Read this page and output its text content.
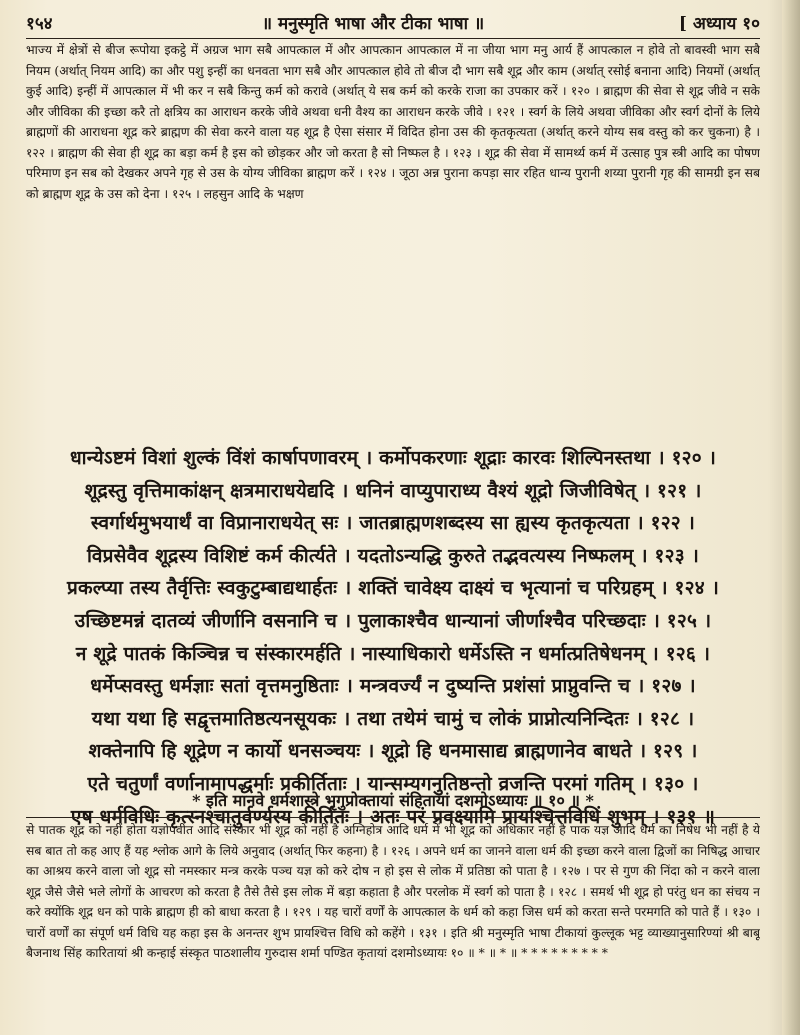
१५४	॥ मनुस्मृति भाषा और टीका भाषा ॥	[ अध्याय १०

भाज्य में क्षेत्रों से बीज रूपोया इकट्ठे में अग्रज भाग सबै आपत्काल में और आपत्कान आपत्काल में ना जीया भाग मनु आर्य हैं आपत्काल न होवे तो बावस्वी भाग सबै नियम (अर्थात् नियम आदि) का और पशु इन्हीं का धनवता भाग सबै और आपत्काल होवे तो बीज दौ भाग सबै शूद्र और काम (अर्थात् रसोई बनाना आदि) नियमों (अर्थात् कुई आदि) इन्हीं में आपत्काल में भी कर न सबै किन्तु कर्म को करावे (अर्थात् ये सब कर्म को करके राजा का उपकार करें । १२० । ब्राह्मण की सेवा से शूद्र जीवे न सके और जीविका की इच्छा करै तो क्षत्रिय का आराधन करके जीवे अथवा धनी वैश्य का आराधन करके जीवे । १२१ । स्वर्ग के लिये अथवा जीविका और स्वर्ग दोनों के लिये ब्राह्मणों की आराधना शूद्र करे ब्राह्मण की सेवा करने वाला यह शूद्र है ऐसा संसार में विदित होना उस की कृतकृत्यता (अर्थात् करने योग्य सब वस्तु को कर चुकना) है । १२२ । ब्राह्मण की सेवा ही शूद्र का बड़ा कर्म है इस को छोड़कर और जो करता है सो निष्फल है । १२३ । शूद्र की सेवा में सामर्थ्य कर्म में उत्साह पुत्र स्त्री आदि का पोषण परिमाण इन सब को देखकर अपने गृह से उस के योग्य जीविका ब्राह्मण करें । १२४ । जूठा अन्न पुराना कपड़ा सार रहित धान्य पुरानी शय्या पुरानी गृह की सामग्री इन सब को ब्राह्मण शूद्र के उस को देना । १२५ । लहसुन आदि के भक्षण

धान्येऽष्टमं विशां शुल्कं विंशं कार्षापणावरम् । कर्मोपकरणाः शूद्राः कारवः शिल्पिनस्तथा । १२० ।
शूद्रस्तु वृत्तिमाकांक्षन् क्षत्रमाराधयेद्यदि । धनिनं वाप्युपाराध्य वैश्यं शूद्रो जिजीविषेत् । १२१ ।
स्वर्गार्थमुभयार्थं वा विप्रानाराधयेत् सः । जातब्राह्मणशब्दस्य सा ह्यस्य कृतकृत्यता । १२२ ।
विप्रसेवैव शूद्रस्य विशिष्टं कर्म कीर्त्यते । यदतोऽन्यद्धि कुरुते तद्भवत्यस्य निष्फलम् । १२३ ।
प्रकल्प्या तस्य तैर्वृत्तिः स्वकुटुम्बाद्यथार्हतः । शक्तिं चावेक्ष्य दाक्ष्यं च भृत्यानां च परिग्रहम् । १२४ ।
उच्छिष्टमन्नं दातव्यं जीर्णानि वसनानि च । पुलाकाश्चैव धान्यानां जीर्णाश्चैव परिच्छदाः । १२५ ।
न शूद्रे पातकं किञ्चिन्न च संस्कारमर्हति । नास्याधिकारो धर्मेऽस्ति न धर्मात्प्रतिषेधनम् । १२६ ।
धर्मेप्सवस्तु धर्मज्ञाः सतां वृत्तमनुष्ठिताः । मन्त्रवर्ज्यं न दुष्यन्ति प्रशंसां प्राप्नुवन्ति च । १२७ ।
यथा यथा हि सद्वृत्तमातिष्ठत्यनसूयकः । तथा तथेमं चामुं च लोकं प्राप्नोत्यनिन्दितः । १२८ ।
शक्तेनापि हि शूद्रेण न कार्यो धनसञ्चयः । शूद्रो हि धनमासाद्य ब्राह्मणानेव बाधते । १२९ ।
एते चतुर्णां वर्णानामापद्धर्माः प्रकीर्तिताः । यान्सम्यगनुतिष्ठन्तो व्रजन्ति परमां गतिम् । १३० ।
एष धर्मविधिः कृत्स्नश्चातुर्वर्ण्यस्य कीर्तितः । अतः परं प्रवक्ष्यामि प्रायश्चित्तविधिं शुभम् । १३१ ॥
* इति मानवे धर्मशास्त्रे भृगुप्रोक्तायां संहितायां दशमोऽध्यायः ॥ १० ॥ *

से पातक शूद्र को नहीं होता यज्ञोपवीत आदि संस्कार भी शूद्र को नहीं है अग्निहोत्र आदि धर्म में भी शूद्र को अधिकार नहीं है पाक यज्ञ आदि धर्म का निषेध भी नहीं है ये सब बात तो कह आए हैं यह श्लोक आगे के लिये अनुवाद (अर्थात् फिर कहना) है । १२६ । अपने धर्म का जानने वाला धर्म की इच्छा करने वाला द्विजों का निषिद्ध आचार का आश्रय करने वाला जो शूद्र सो नमस्कार मन्त्र करके पञ्च यज्ञ को करे दोष न हो इस से लोक में प्रतिष्ठा को पाता है । १२७ । पर से गुण की निंदा को न करने वाला शूद्र जैसे जैसे भले लोगों के आचरण को करता है तैसे तैसे इस लोक में बड़ा कहाता है और परलोक में स्वर्ग को पाता है । १२८ । समर्थ भी शूद्र हो परंतु धन का संचय न करे क्योंकि शूद्र धन को पाके ब्राह्मण ही को बाधा करता है । १२९ । यह चारों वर्णों के आपत्काल के धर्म को कहा जिस धर्म को करता सन्ते परमगति को पाते हैं । १३० । चारों वर्णों का संपूर्ण धर्म विधि यह कहा इस के अनन्तर शुभ प्रायश्चित्त विधि को कहेंगे । १३१ । इति श्री मनुस्मृति भाषा टीकायां कुल्लूक भट्ट व्याख्यानुसारिण्यां श्री बाबू बैजनाथ सिंह कारितायां श्री कन्हाई संस्कृत पाठशालीय गुरुदास शर्मा पण्डित कृतायां दशमोऽध्यायः १० ॥ * ॥ * ॥ * * * * * * * * *
